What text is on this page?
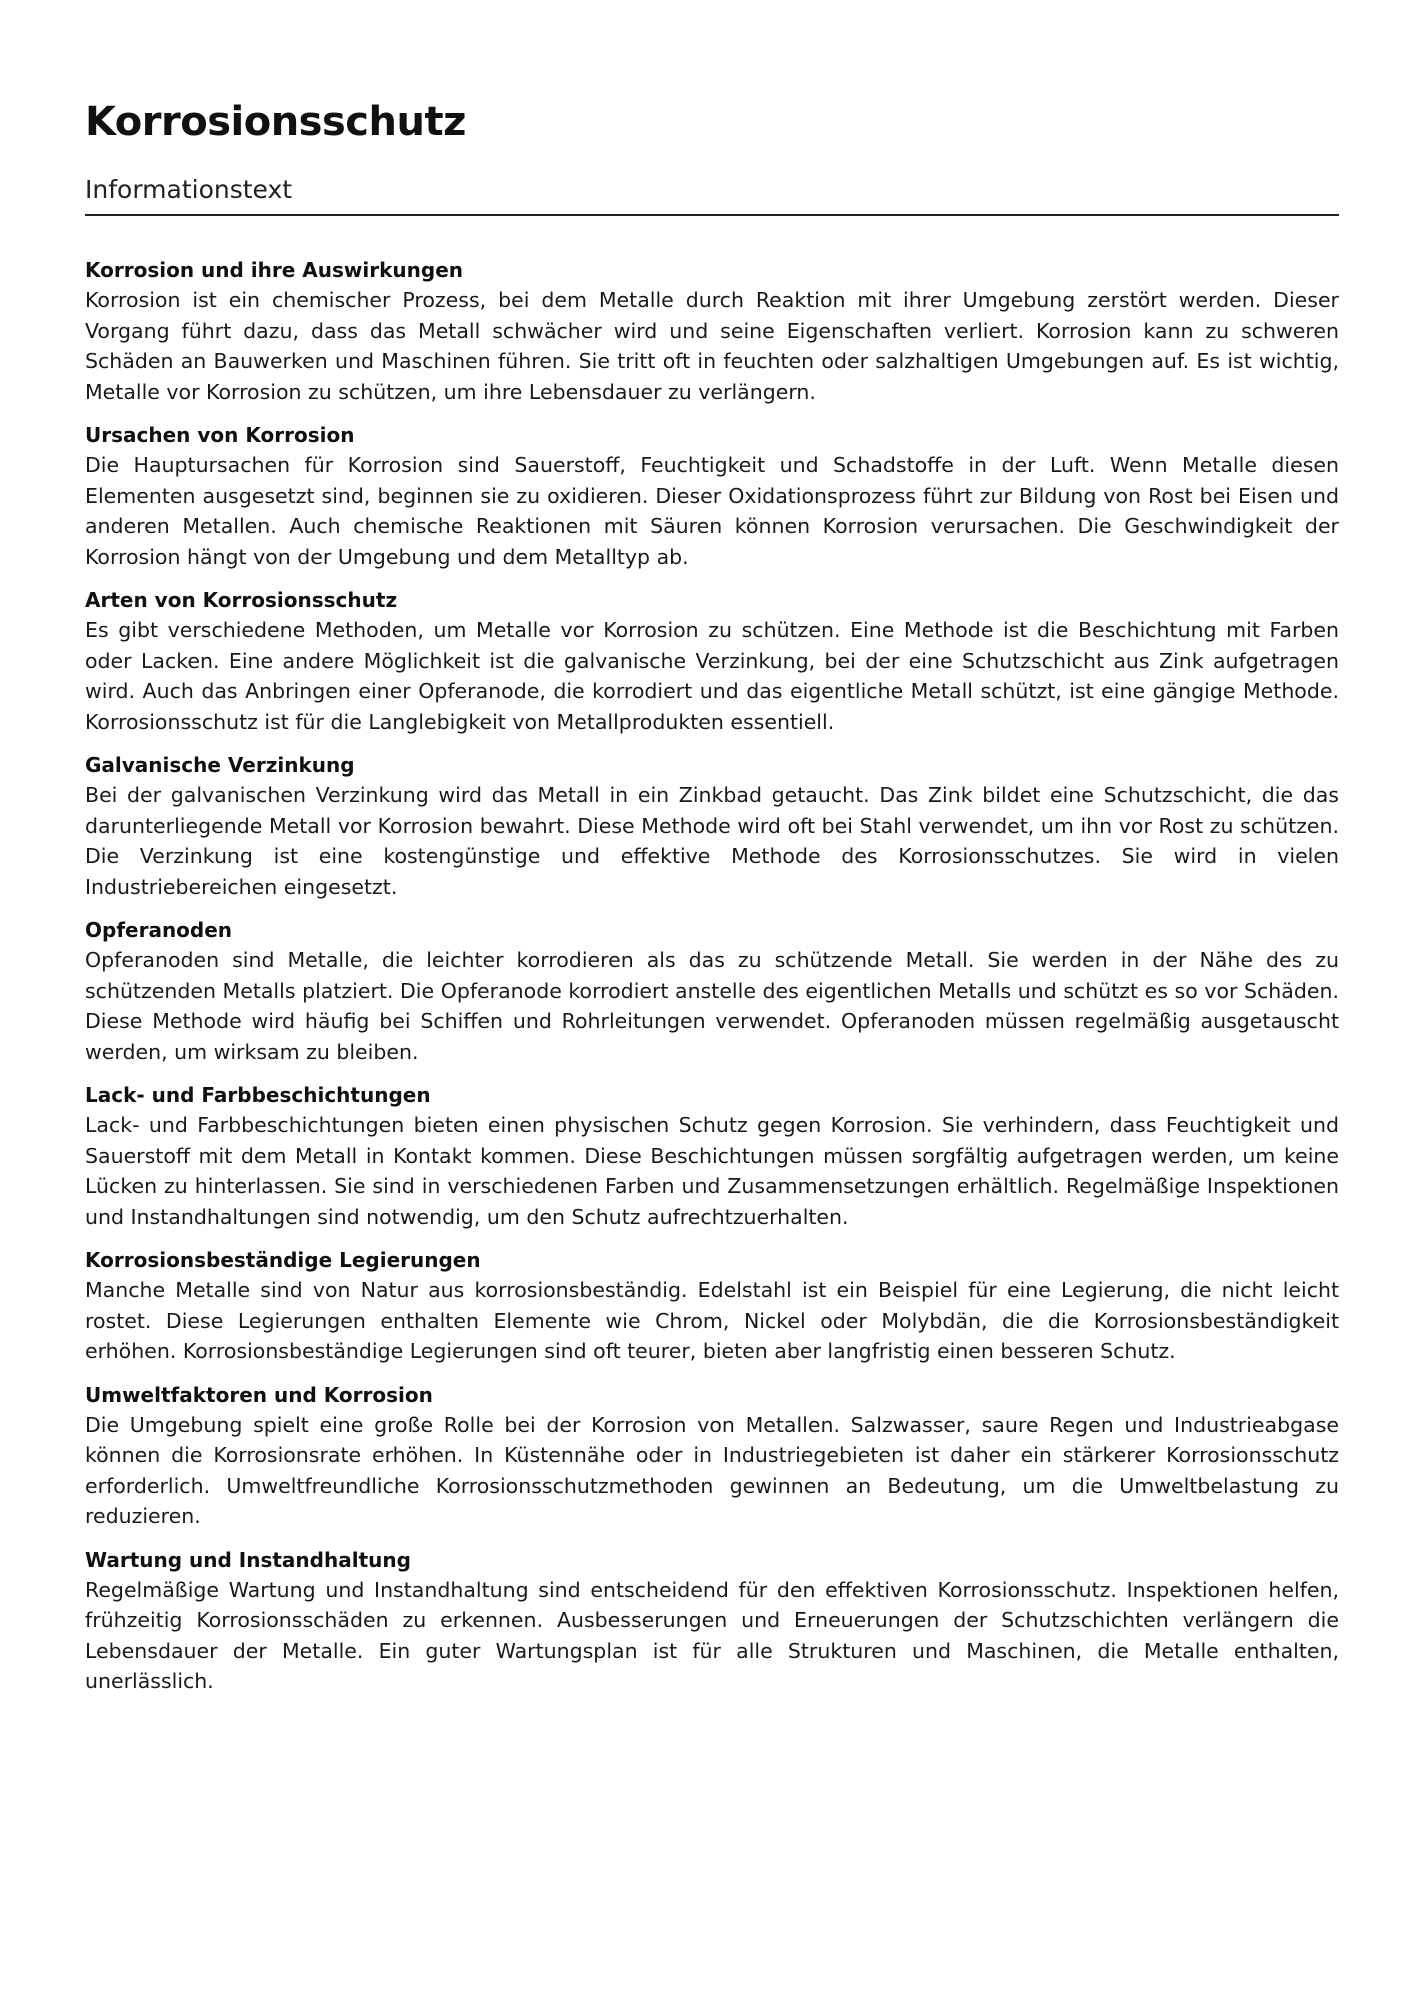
Korrosionsschutz
Informationstext
Korrosion und ihre Auswirkungen

Korrosion ist ein chemischer Prozess, bei dem Metalle durch Reaktion mit ihrer Umgebung zerstört werden. Dieser Vorgang führt dazu, dass das Metall schwächer wird und seine Eigenschaften verliert. Korrosion kann zu schweren Schäden an Bauwerken und Maschinen führen. Sie tritt oft in feuchten oder salzhaltigen Umgebungen auf. Es ist wichtig, Metalle vor Korrosion zu schützen, um ihre Lebensdauer zu verlängern.

Ursachen von Korrosion

Die Hauptursachen für Korrosion sind Sauerstoff, Feuchtigkeit und Schadstoffe in der Luft. Wenn Metalle diesen Elementen ausgesetzt sind, beginnen sie zu oxidieren. Dieser Oxidationsprozess führt zur Bildung von Rost bei Eisen und anderen Metallen. Auch chemische Reaktionen mit Säuren können Korrosion verursachen. Die Geschwindigkeit der Korrosion hängt von der Umgebung und dem Metalltyp ab.

Arten von Korrosionsschutz

Es gibt verschiedene Methoden, um Metalle vor Korrosion zu schützen. Eine Methode ist die Beschichtung mit Farben oder Lacken. Eine andere Möglichkeit ist die galvanische Verzinkung, bei der eine Schutzschicht aus Zink aufgetragen wird. Auch das Anbringen einer Opferanode, die korrodiert und das eigentliche Metall schützt, ist eine gängige Methode. Korrosionsschutz ist für die Langlebigkeit von Metallprodukten essentiell.

Galvanische Verzinkung

Bei der galvanischen Verzinkung wird das Metall in ein Zinkbad getaucht. Das Zink bildet eine Schutzschicht, die das darunterliegende Metall vor Korrosion bewahrt. Diese Methode wird oft bei Stahl verwendet, um ihn vor Rost zu schützen. Die Verzinkung ist eine kostengünstige und effektive Methode des Korrosionsschutzes. Sie wird in vielen Industriebereichen eingesetzt.

Opferanoden

Opferanoden sind Metalle, die leichter korrodieren als das zu schützende Metall. Sie werden in der Nähe des zu schützenden Metalls platziert. Die Opferanode korrodiert anstelle des eigentlichen Metalls und schützt es so vor Schäden. Diese Methode wird häufig bei Schiffen und Rohrleitungen verwendet. Opferanoden müssen regelmäßig ausgetauscht werden, um wirksam zu bleiben.

Lack- und Farbbeschichtungen

Lack- und Farbbeschichtungen bieten einen physischen Schutz gegen Korrosion. Sie verhindern, dass Feuchtigkeit und Sauerstoff mit dem Metall in Kontakt kommen. Diese Beschichtungen müssen sorgfältig aufgetragen werden, um keine Lücken zu hinterlassen. Sie sind in verschiedenen Farben und Zusammensetzungen erhältlich. Regelmäßige Inspektionen und Instandhaltungen sind notwendig, um den Schutz aufrechtzuerhalten.

Korrosionsbeständige Legierungen

Manche Metalle sind von Natur aus korrosionsbeständig. Edelstahl ist ein Beispiel für eine Legierung, die nicht leicht rostet. Diese Legierungen enthalten Elemente wie Chrom, Nickel oder Molybdän, die die Korrosionsbeständigkeit erhöhen. Korrosionsbeständige Legierungen sind oft teurer, bieten aber langfristig einen besseren Schutz.

Umweltfaktoren und Korrosion

Die Umgebung spielt eine große Rolle bei der Korrosion von Metallen. Salzwasser, saure Regen und Industrieabgase können die Korrosionsrate erhöhen. In Küstennähe oder in Industriegebieten ist daher ein stärkerer Korrosionsschutz erforderlich. Umweltfreundliche Korrosionsschutzmethoden gewinnen an Bedeutung, um die Umweltbelastung zu reduzieren.

Wartung und Instandhaltung

Regelmäßige Wartung und Instandhaltung sind entscheidend für den effektiven Korrosionsschutz. Inspektionen helfen, frühzeitig Korrosionsschäden zu erkennen. Ausbesserungen und Erneuerungen der Schutzschichten verlängern die Lebensdauer der Metalle. Ein guter Wartungsplan ist für alle Strukturen und Maschinen, die Metalle enthalten, unerlässlich.
